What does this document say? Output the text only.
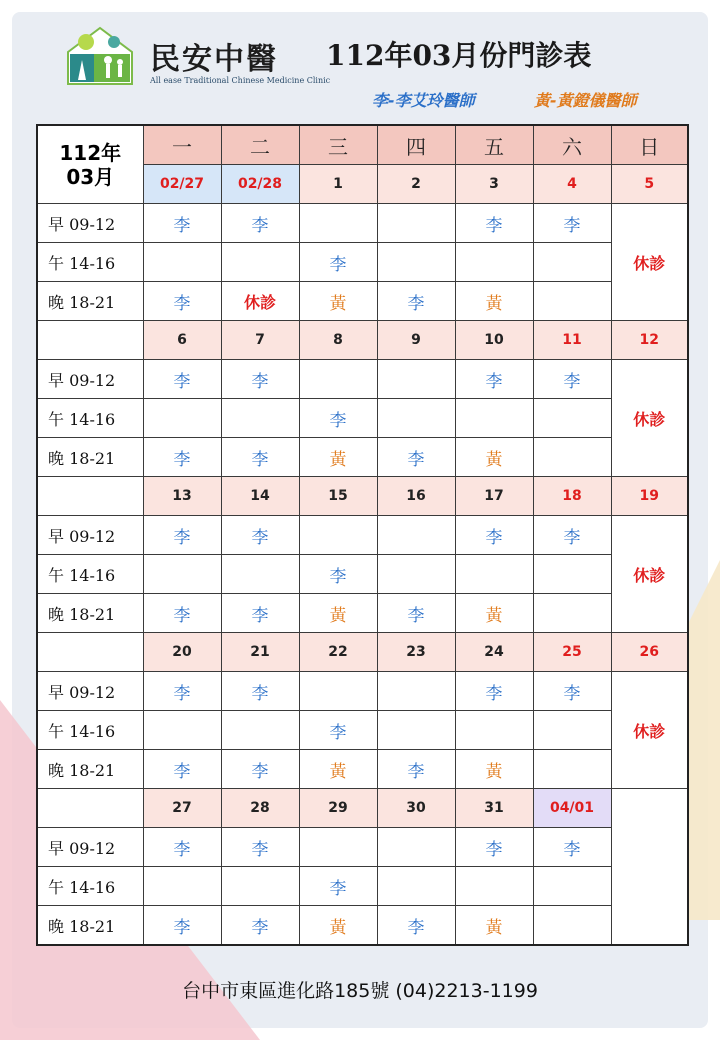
民安中醫
All ease Traditional Chinese Medicine Clinic
112年03月份門診表
李-李艾玲醫師	黃-黃鐙儀醫師
112年
03月	一	二	三	四	五	六	日
	02/27	02/28	1	2	3	4	5
早 09-12	李	李			李	李	休診
午 14-16			李				
晚 18-21	李	休診	黃	李	黃		
	6	7	8	9	10	11	12
早 09-12	李	李			李	李	休診
午 14-16			李				
晚 18-21	李	李	黃	李	黃		
	13	14	15	16	17	18	19
早 09-12	李	李			李	李	休診
午 14-16			李				
晚 18-21	李	李	黃	李	黃		
	20	21	22	23	24	25	26
早 09-12	李	李			李	李	休診
午 14-16			李				
晚 18-21	李	李	黃	李	黃		
	27	28	29	30	31	04/01	
早 09-12	李	李			李	李	
午 14-16			李				
晚 18-21	李	李	黃	李	黃		
台中市東區進化路185號 (04)2213-1199
